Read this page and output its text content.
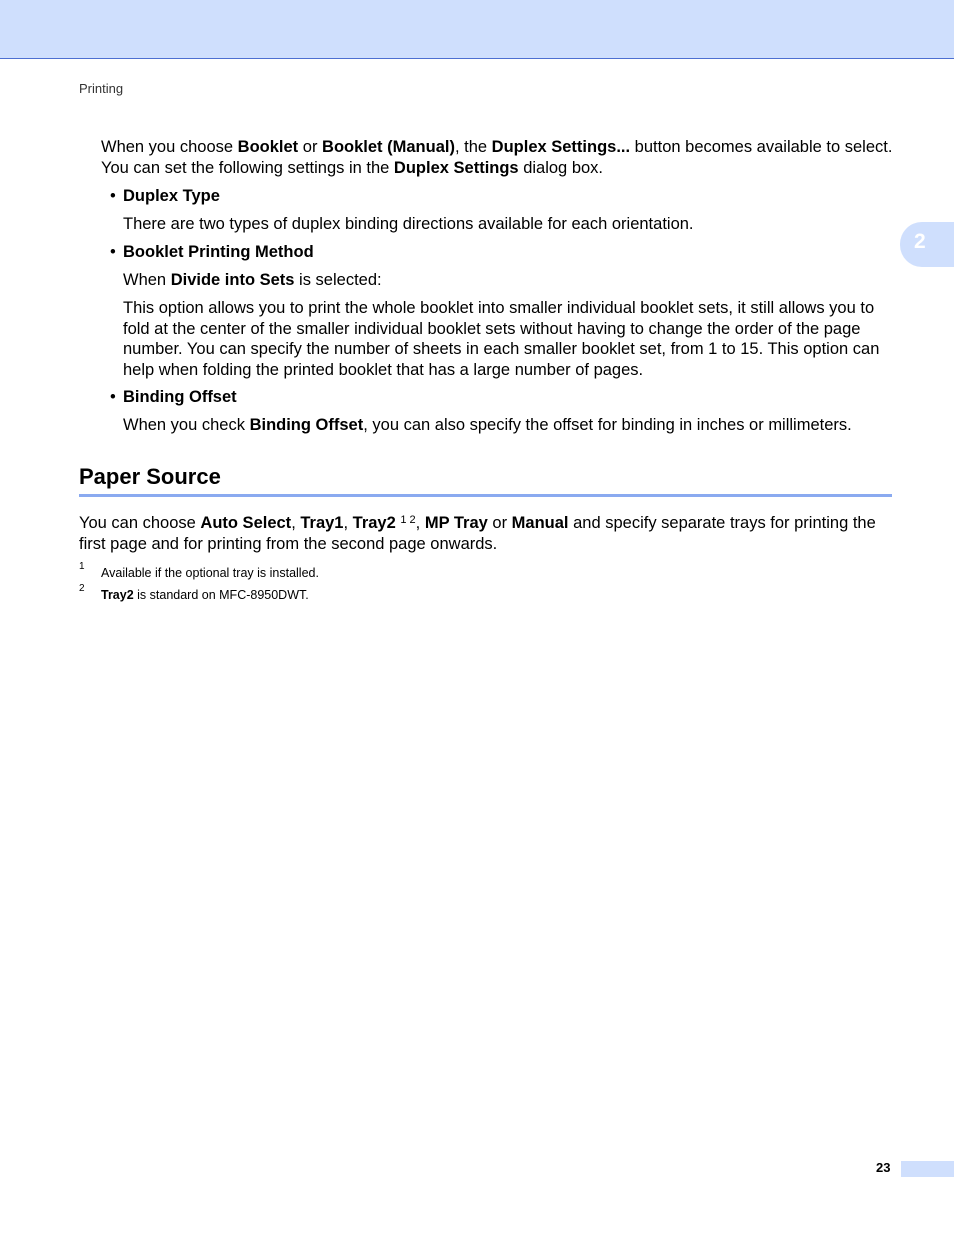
Printing
2
When you choose Booklet or Booklet (Manual), the Duplex Settings... button becomes available to select. You can set the following settings in the Duplex Settings dialog box.
• Duplex Type
There are two types of duplex binding directions available for each orientation.
• Booklet Printing Method
When Divide into Sets is selected:
This option allows you to print the whole booklet into smaller individual booklet sets, it still allows you to fold at the center of the smaller individual booklet sets without having to change the order of the page number. You can specify the number of sheets in each smaller booklet set, from 1 to 15. This option can help when folding the printed booklet that has a large number of pages.
• Binding Offset
When you check Binding Offset, you can also specify the offset for binding in inches or millimeters.
Paper Source
You can choose Auto Select, Tray1, Tray2 $^{1 2}$, MP Tray or Manual and specify separate trays for printing the first page and for printing from the second page onwards.
1 Available if the optional tray is installed.
2 Tray2 is standard on MFC-8950DWT.
23
